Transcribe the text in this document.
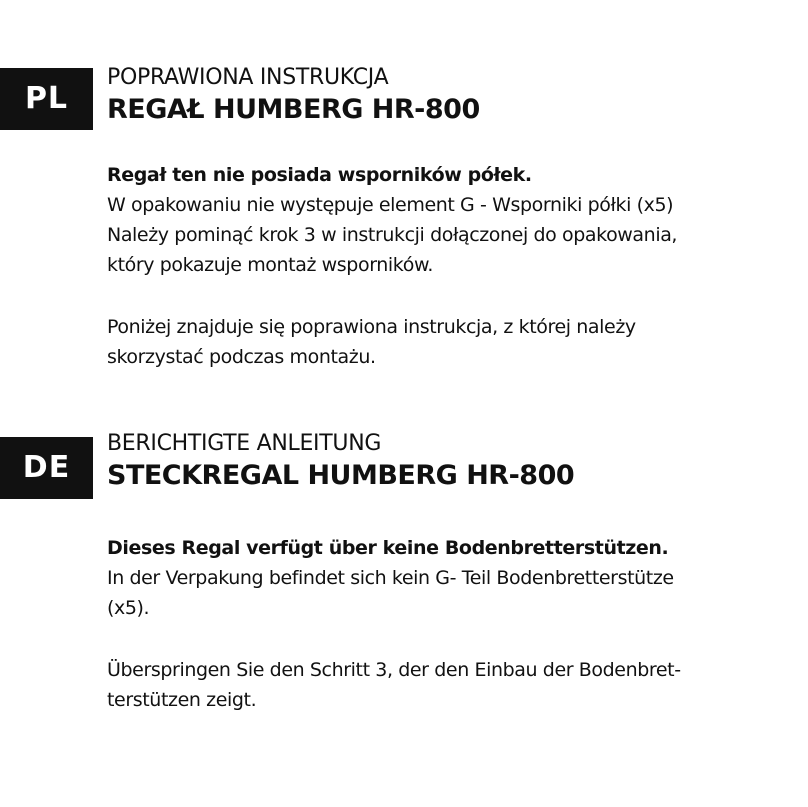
PL

POPRAWIONA INSTRUKCJA

REGAŁ HUMBERG HR-800

Regał ten nie posiada wsporników półek.

W opakowaniu nie występuje element G - Wsporniki półki (x5)

Należy pominąć krok 3 w instrukcji dołączonej do opakowania,

który pokazuje montaż wsporników.

Poniżej znajduje się poprawiona instrukcja, z której należy

skorzystać podczas montażu.

DE

BERICHTIGTE ANLEITUNG

STECKREGAL HUMBERG HR-800

Dieses Regal verfügt über keine Bodenbretterstützen.

In der Verpakung befindet sich kein G- Teil Bodenbretterstütze

(x5).

Überspringen Sie den Schritt 3, der den Einbau der Bodenbret-

terstützen zeigt.
